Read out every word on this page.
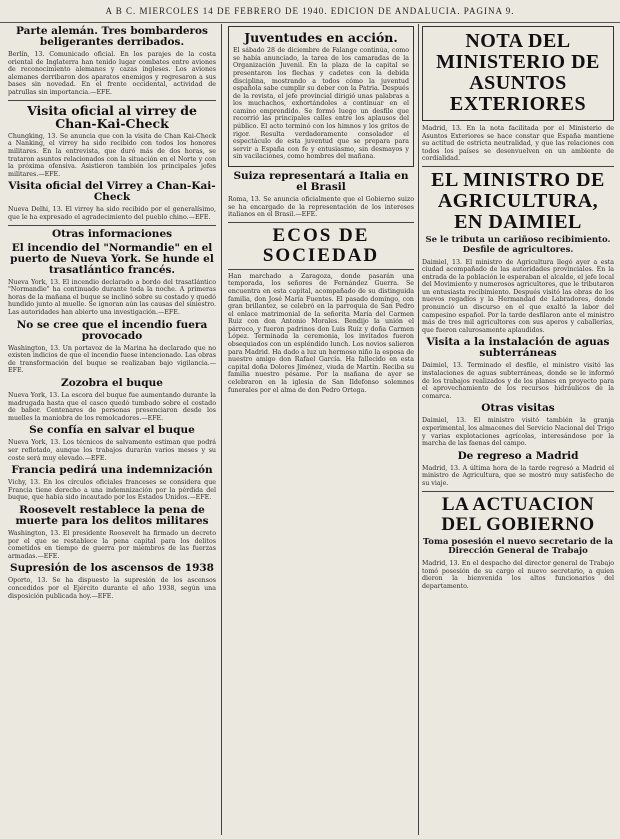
A B C. MIERCOLES 14 DE FEBRERO DE 1940. EDICION DE ANDALUCIA. PAGINA 9.
Parte alemán. Tres bombarderos beligerantes derribados.
Berlín, 13. Comunicado oficial. En los parajes de la costa oriental de Inglaterra han tenido lugar combates entre aviones de reconocimiento alemanes y cazas ingleses. Los aviones alemanes derribaron dos aparatos enemigos y regresaron a sus bases sin novedad. En el frente occidental, actividad de patrullas sin importancia.—EFE.
Visita oficial al virrey de Chan-Kai-Check
Chungking, 13. Se anuncia que con la visita de Chan Kai-Check a Nanking, el virrey ha sido recibido con todos los honores militares. En la entrevista, que duró más de dos horas, se trataron asuntos relacionados con la situación en el Norte y con la próxima ofensiva. Asistieron también los principales jefes militares.—EFE.
Visita oficial del Virrey a Chan-Kai-Check
Nueva Delhi, 13. El virrey ha sido recibido por el generalísimo, que le ha expresado el agradecimiento del pueblo chino.—EFE.
Otras informaciones
El incendio del "Normandie" en el puerto de Nueva York. Se hunde el trasatlántico francés.
Nueva York, 13. El incendio declarado a bordo del trasatlántico "Normandie" ha continuado durante toda la noche. A primeras horas de la mañana el buque se inclinó sobre su costado y quedó hundido junto al muelle. Se ignoran aún las causas del siniestro. Las autoridades han abierto una investigación.—EFE.
No se cree que el incendio fuera provocado
Washington, 13. Un portavoz de la Marina ha declarado que no existen indicios de que el incendio fuese intencionado. Las obras de transformación del buque se realizaban bajo vigilancia.—EFE.
Zozobra el buque
Nueva York, 13. La escora del buque fue aumentando durante la madrugada hasta que el casco quedó tumbado sobre el costado de babor. Centenares de personas presenciaron desde los muelles la maniobra de los remolcadores.—EFE.
Se confía en salvar el buque
Nueva York, 13. Los técnicos de salvamento estiman que podrá ser reflotado, aunque los trabajos durarán varios meses y su coste será muy elevado.—EFE.
Francia pedirá una indemnización
Vichy, 13. En los círculos oficiales franceses se considera que Francia tiene derecho a una indemnización por la pérdida del buque, que había sido incautado por los Estados Unidos.—EFE.
Roosevelt restablece la pena de muerte para los delitos militares
Washington, 13. El presidente Roosevelt ha firmado un decreto por el que se restablece la pena capital para los delitos cometidos en tiempo de guerra por miembros de las fuerzas armadas.—EFE.
Supresión de los ascensos de 1938
Oporto, 13. Se ha dispuesto la supresión de los ascensos concedidos por el Ejército durante el año 1938, según una disposición publicada hoy.—EFE.
Juventudes en acción.
El sábado 28 de diciembre de Falange continúa, como se había anunciado, la tarea de los camaradas de la Organización Juvenil. En la plaza de la capital se presentaron los flechas y cadetes con la debida disciplina, mostrando a todos cómo la juventud española sabe cumplir su deber con la Patria. Después de la revista, el jefe provincial dirigió unas palabras a los muchachos, exhortándoles a continuar en el camino emprendido. Se formó luego un desfile que recorrió las principales calles entre los aplausos del público. El acto terminó con los himnos y los gritos de rigor. Resulta verdaderamente consolador el espectáculo de esta juventud que se prepara para servir a España con fe y entusiasmo, sin desmayos y sin vacilaciones, como hombres del mañana.
Suiza representará a Italia en el Brasil
Roma, 13. Se anuncia oficialmente que el Gobierno suizo se ha encargado de la representación de los intereses italianos en el Brasil.—EFE.
ECOS DE SOCIEDAD
Han marchado a Zaragoza, donde pasarán una temporada, los señores de Fernández Guerra. Se encuentra en esta capital, acompañado de su distinguida familia, don José María Fuentes. El pasado domingo, con gran brillantez, se celebró en la parroquia de San Pedro el enlace matrimonial de la señorita María del Carmen Ruiz con don Antonio Morales. Bendijo la unión el párroco, y fueron padrinos don Luis Ruiz y doña Carmen López. Terminada la ceremonia, los invitados fueron obsequiados con un espléndido lunch. Los novios salieron para Madrid. Ha dado a luz un hermoso niño la esposa de nuestro amigo don Rafael García. Ha fallecido en esta capital doña Dolores Jiménez, viuda de Martín. Reciba su familia nuestro pésame. Por la mañana de ayer se celebraron en la iglesia de San Ildefonso solemnes funerales por el alma de don Pedro Ortega.
NOTA DEL MINISTERIO DE ASUNTOS EXTERIORES
Madrid, 13. En la nota facilitada por el Ministerio de Asuntos Exteriores se hace constar que España mantiene su actitud de estricta neutralidad, y que las relaciones con todos los países se desenvuelven en un ambiente de cordialidad.
EL MINISTRO DE AGRICULTURA, EN DAIMIEL
Se le tributa un cariñoso recibimiento. Desfile de agricultores.
Daimiel, 13. El ministro de Agricultura llegó ayer a esta ciudad acompañado de las autoridades provinciales. En la entrada de la población le esperaban el alcalde, el jefe local del Movimiento y numerosos agricultores, que le tributaron un entusiasta recibimiento. Después visitó las obras de los nuevos regadíos y la Hermandad de Labradores, donde pronunció un discurso en el que exaltó la labor del campesino español. Por la tarde desfilaron ante el ministro más de tres mil agricultores con sus aperos y caballerías, que fueron calurosamente aplaudidos.
Visita a la instalación de aguas subterráneas
Daimiel, 13. Terminado el desfile, el ministro visitó las instalaciones de aguas subterráneas, donde se le informó de los trabajos realizados y de los planes en proyecto para el aprovechamiento de los recursos hidráulicos de la comarca.
Otras visitas
Daimiel, 13. El ministro visitó también la granja experimental, los almacenes del Servicio Nacional del Trigo y varias explotaciones agrícolas, interesándose por la marcha de las faenas del campo.
De regreso a Madrid
Madrid, 13. A última hora de la tarde regresó a Madrid el ministro de Agricultura, que se mostró muy satisfecho de su viaje.
LA ACTUACION DEL GOBIERNO
Toma posesión el nuevo secretario de la Dirección General de Trabajo
Madrid, 13. En el despacho del director general de Trabajo tomó posesión de su cargo el nuevo secretario, a quien dieron la bienvenida los altos funcionarios del departamento.
